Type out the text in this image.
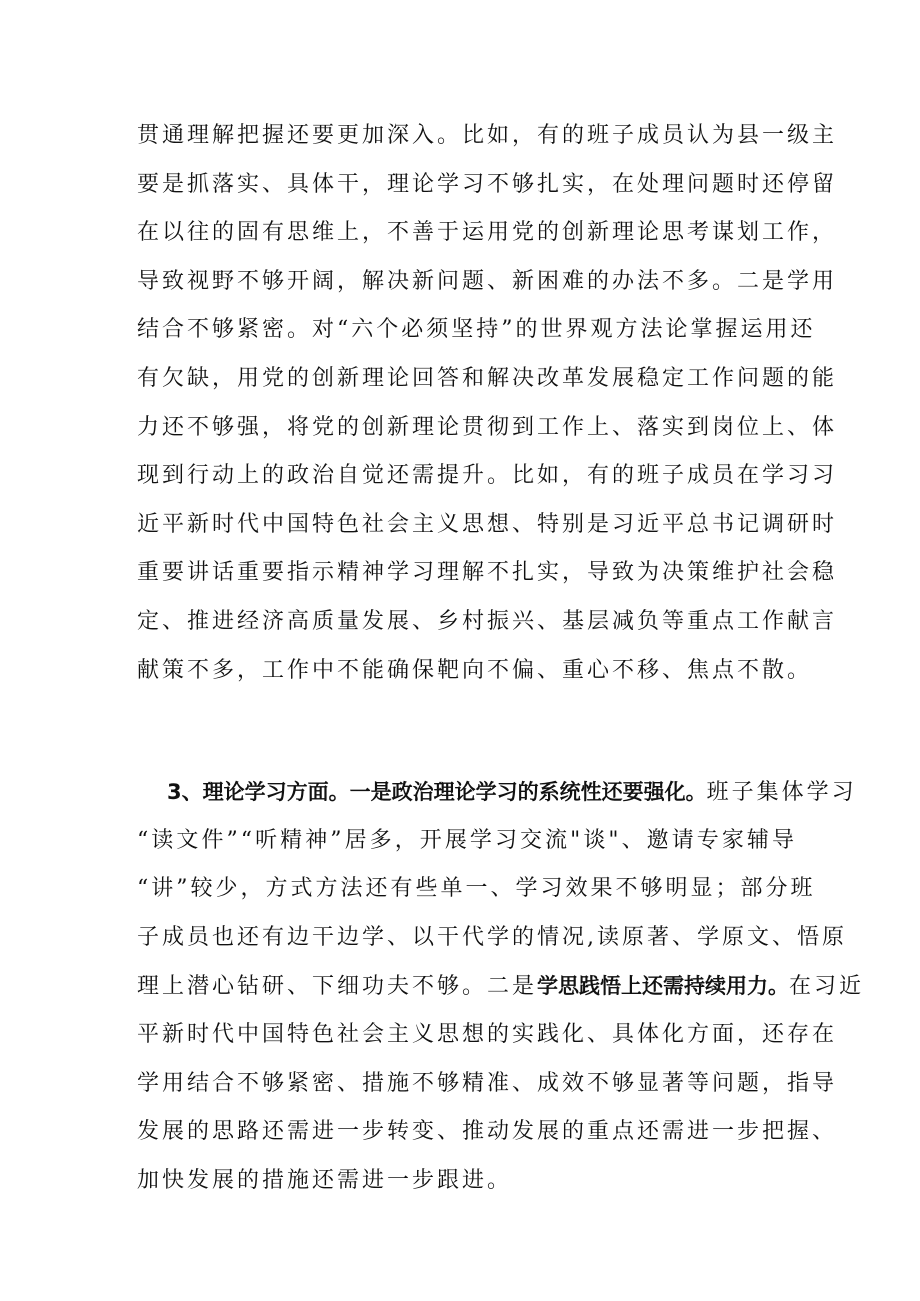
贯通理解把握还要更加深入。比如，有的班子成员认为县一级主
要是抓落实、具体干，理论学习不够扎实，在处理问题时还停留
在以往的固有思维上，不善于运用党的创新理论思考谋划工作，
导致视野不够开阔，解决新问题、新困难的办法不多。二是学用
结合不够紧密。对“六个必须坚持”的世界观方法论掌握运用还
有欠缺，用党的创新理论回答和解决改革发展稳定工作问题的能
力还不够强，将党的创新理论贯彻到工作上、落实到岗位上、体
现到行动上的政治自觉还需提升。比如，有的班子成员在学习习
近平新时代中国特色社会主义思想、特别是习近平总书记调研时
重要讲话重要指示精神学习理解不扎实，导致为决策维护社会稳
定、推进经济高质量发展、乡村振兴、基层减负等重点工作献言
献策不多，工作中不能确保靶向不偏、重心不移、焦点不散。
3、理论学习方面。一是政治理论学习的系统性还要强化。班子集体学习
“读文件”“听精神”居多，开展学习交流"谈"、邀请专家辅导
“讲”较少，方式方法还有些单一、学习效果不够明显；部分班
子成员也还有边干边学、以干代学的情况,读原著、学原文、悟原
理上潜心钻研、下细功夫不够。二是学思践悟上还需持续用力。在习近
平新时代中国特色社会主义思想的实践化、具体化方面，还存在
学用结合不够紧密、措施不够精准、成效不够显著等问题，指导
发展的思路还需进一步转变、推动发展的重点还需进一步把握、
加快发展的措施还需进一步跟进。
